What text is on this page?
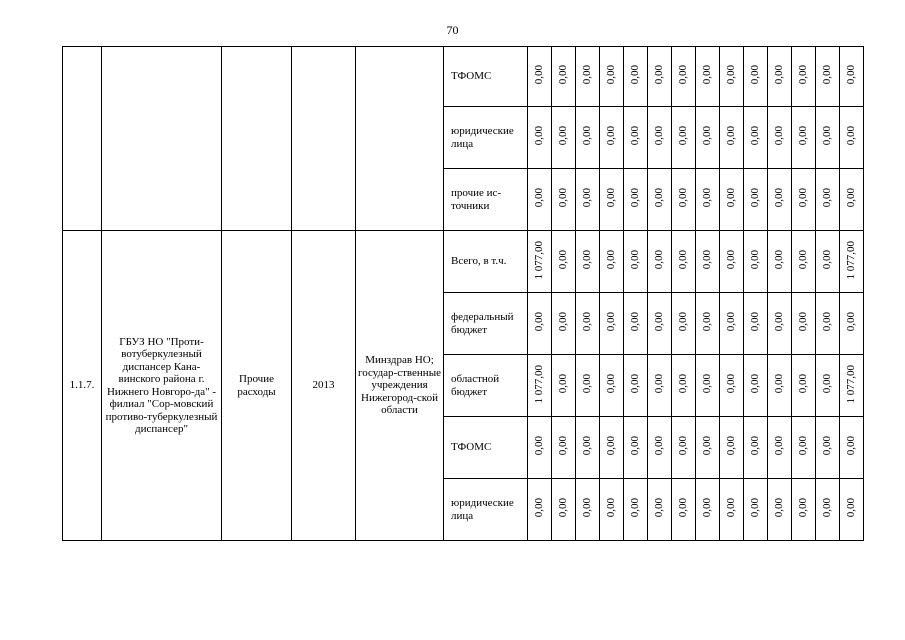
70
					ТФОМС	0,00	0,00	0,00	0,00	0,00	0,00	0,00	0,00	0,00	0,00	0,00	0,00	0,00	0,00
					юридические лица	0,00	0,00	0,00	0,00	0,00	0,00	0,00	0,00	0,00	0,00	0,00	0,00	0,00	0,00
					прочие ис-точники	0,00	0,00	0,00	0,00	0,00	0,00	0,00	0,00	0,00	0,00	0,00	0,00	0,00	0,00
1.1.7.	ГБУЗ НО "Проти-вотуберкулезный диспансер Кана-винского района г. Нижнего Новгоро-да" - филиал "Сор-мовский противо-туберкулезный диспансер"	Прочие расходы	2013	Минздрав НО; государ-ственные учреждения Нижегород-ской области	Всего, в т.ч.	1 077,00	0,00	0,00	0,00	0,00	0,00	0,00	0,00	0,00	0,00	0,00	0,00	0,00	1 077,00
					федеральный бюджет	0,00	0,00	0,00	0,00	0,00	0,00	0,00	0,00	0,00	0,00	0,00	0,00	0,00	0,00
					областной бюджет	1 077,00	0,00	0,00	0,00	0,00	0,00	0,00	0,00	0,00	0,00	0,00	0,00	0,00	1 077,00
					ТФОМС	0,00	0,00	0,00	0,00	0,00	0,00	0,00	0,00	0,00	0,00	0,00	0,00	0,00	0,00
					юридические лица	0,00	0,00	0,00	0,00	0,00	0,00	0,00	0,00	0,00	0,00	0,00	0,00	0,00	0,00
